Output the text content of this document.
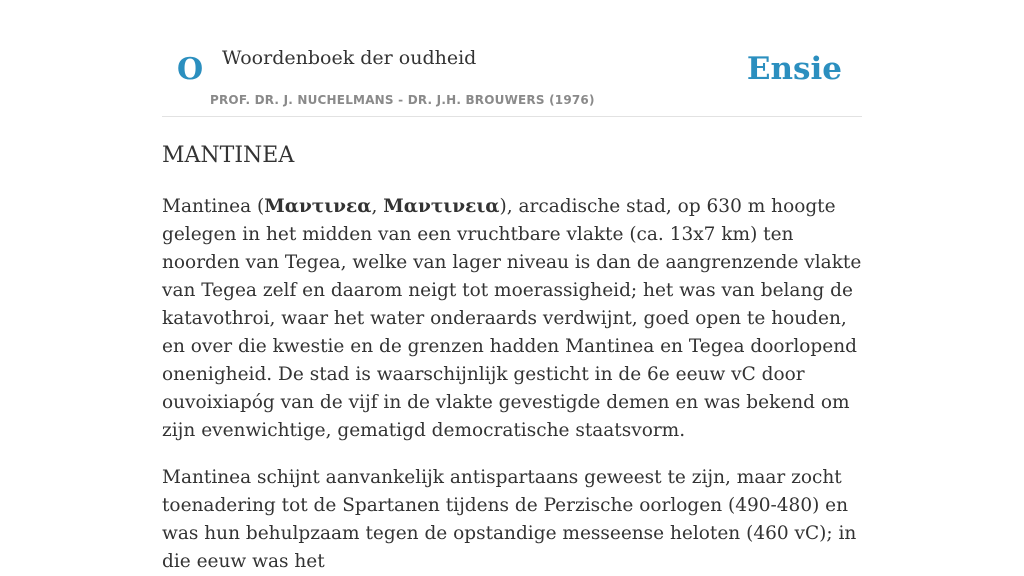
O Woordenboek der oudheid
PROF. DR. J. NUCHELMANS - DR. J.H. BROUWERS (1976)
Ensie
MANTINEA

Mantinea (Μαντινεα, Μαντινεια), arcadische stad, op 630 m hoogte gelegen in het midden van een vruchtbare vlakte (ca. 13x7 km) ten noorden van Tegea, welke van lager niveau is dan de aangrenzende vlakte van Tegea zelf en daarom neigt tot moerassigheid; het was van belang de katavothroi, waar het water onderaards verdwijnt, goed open te houden, en over die kwestie en de grenzen hadden Mantinea en Tegea doorlopend onenigheid. De stad is waarschijnlijk gesticht in de 6e eeuw vC door ouvoixiapóg van de vijf in de vlakte gevestigde demen en was bekend om zijn evenwichtige, gematigd democratische staatsvorm.

Mantinea schijnt aanvankelijk antispartaans geweest te zijn, maar zocht toenadering tot de Spartanen tijdens de Perzische oorlogen (490-480) en was hun behulpzaam tegen de opstandige messeense heloten (460 vC); in die eeuw was het
